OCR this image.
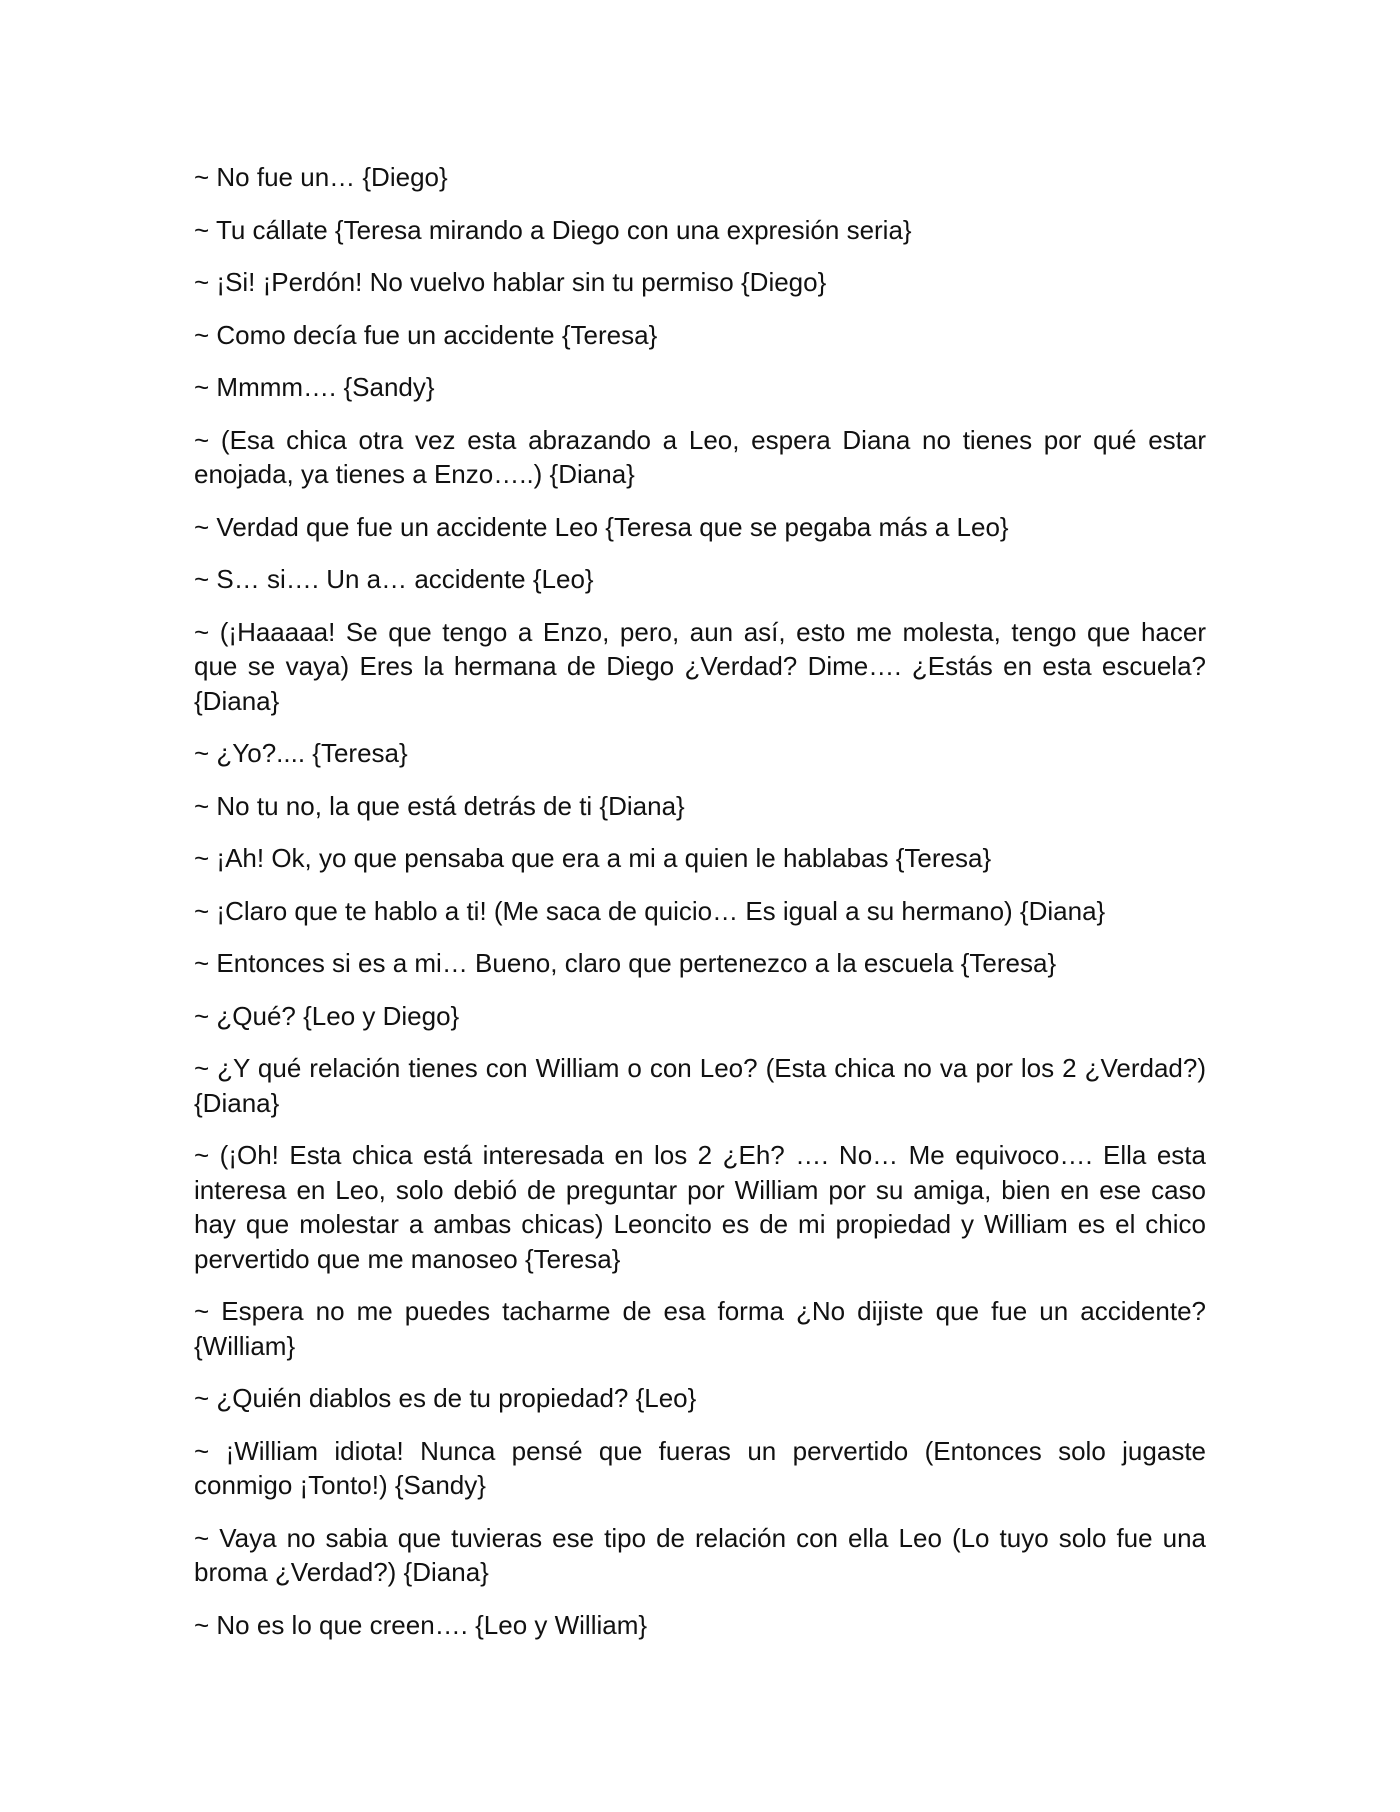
~ No fue un… {Diego}

~ Tu cállate {Teresa mirando a Diego con una expresión seria}

~ ¡Si! ¡Perdón! No vuelvo hablar sin tu permiso {Diego}

~ Como decía fue un accidente {Teresa}

~ Mmmm…. {Sandy}

~ (Esa chica otra vez esta abrazando a Leo, espera Diana no tienes por qué estar enojada, ya tienes a Enzo…..) {Diana}

~ Verdad que fue un accidente Leo {Teresa que se pegaba más a Leo}

~ S… si…. Un a… accidente {Leo}

~ (¡Haaaaa! Se que tengo a Enzo, pero, aun así, esto me molesta, tengo que hacer que se vaya) Eres la hermana de Diego ¿Verdad? Dime…. ¿Estás en esta escuela? {Diana}

~ ¿Yo?.... {Teresa}

~ No tu no, la que está detrás de ti {Diana}

~ ¡Ah! Ok, yo que pensaba que era a mi a quien le hablabas {Teresa}

~ ¡Claro que te hablo a ti! (Me saca de quicio… Es igual a su hermano) {Diana}

~ Entonces si es a mi… Bueno, claro que pertenezco a la escuela {Teresa}

~ ¿Qué? {Leo y Diego}

~ ¿Y qué relación tienes con William o con Leo? (Esta chica no va por los 2 ¿Verdad?) {Diana}

~ (¡Oh! Esta chica está interesada en los 2 ¿Eh? …. No… Me equivoco…. Ella esta interesa en Leo, solo debió de preguntar por William por su amiga, bien en ese caso hay que molestar a ambas chicas) Leoncito es de mi propiedad y William es el chico pervertido que me manoseo {Teresa}

~ Espera no me puedes tacharme de esa forma ¿No dijiste que fue un accidente? {William}

~ ¿Quién diablos es de tu propiedad? {Leo}

~ ¡William idiota! Nunca pensé que fueras un pervertido (Entonces solo jugaste conmigo ¡Tonto!) {Sandy}

~ Vaya no sabia que tuvieras ese tipo de relación con ella Leo (Lo tuyo solo fue una broma ¿Verdad?) {Diana}

~ No es lo que creen…. {Leo y William}
